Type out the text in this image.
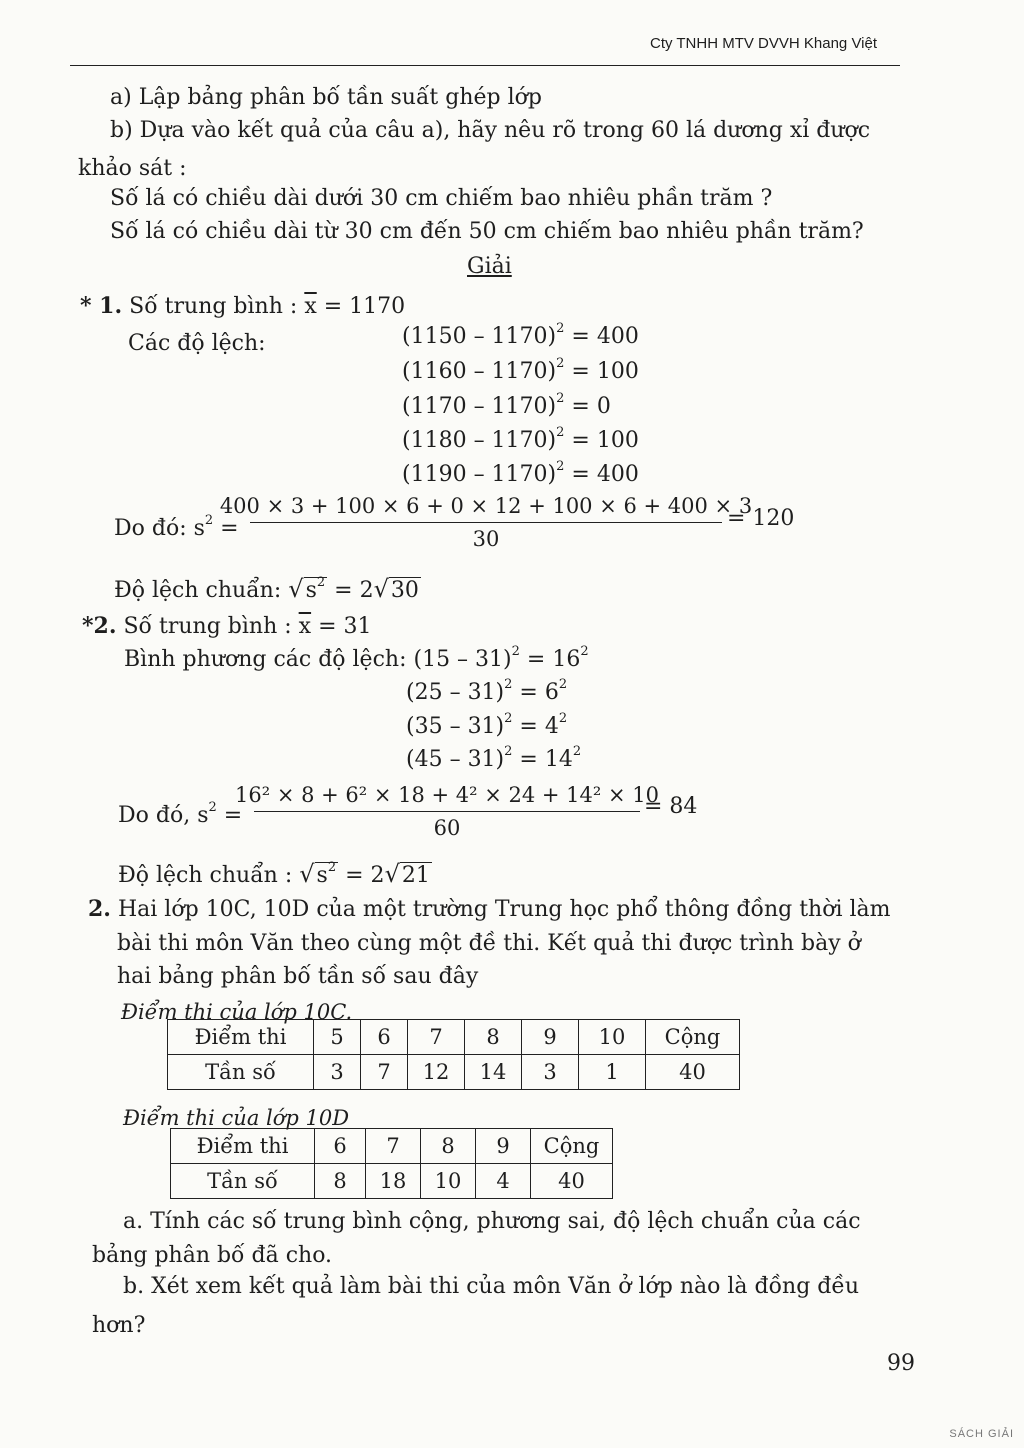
Cty TNHH MTV DVVH Khang Việt
a) Lập bảng phân bố tần suất ghép lớp
b) Dựa vào kết quả của câu a), hãy nêu rõ trong 60 lá dương xỉ được
khảo sát :
Số lá có chiều dài dưới 30 cm chiếm bao nhiêu phần trăm ?
Số lá có chiều dài từ 30 cm đến 50 cm chiếm bao nhiêu phần trăm?
Giải
* 1. Số trung bình : $\overline{x} = 1170$
Các độ lệch:	(1150 – 1170)$^2$ = 400
(1160 – 1170)$^2$ = 100
(1170 – 1170)$^2$ = 0
(1180 – 1170)$^2$ = 100
(1190 – 1170)$^2$ = 400
Do đó: $s^2$ =
400 × 3 + 100 × 6 + 0 × 12 + 100 × 6 + 400 × 3
30
= 120
Độ lệch chuẩn: $√s^2 = 2√30$
*2. Số trung bình : $\overline{x} = 31$
Bình phương các độ lệch: $(15 - 31)^2 = 16^2$
$(25 - 31)^2 = 6^2$
$(35 - 31)^2 = 4^2$
$(45 - 31)^2 = 14^2$
Do đó, $s^2$ =
16² × 8 + 6² × 18 + 4² × 24 + 14² × 10
60
= 84
Độ lệch chuẩn : $√s^2 = 2√21$
2. Hai lớp 10C, 10D của một trường Trung học phổ thông đồng thời làm
bài thi môn Văn theo cùng một đề thi. Kết quả thi được trình bày ở
hai bảng phân bố tần số sau đây
Điểm thi của lớp 10C.
Điểm thi	5	6	7	8	9	10	Cộng
Tần số	3	7	12	14	3	1	40
Điểm thi của lớp 10D
Điểm thi	6	7	8	9	Cộng
Tần số	8	18	10	4	40
a. Tính các số trung bình cộng, phương sai, độ lệch chuẩn của các
bảng phân bố đã cho.
b. Xét xem kết quả làm bài thi của môn Văn ở lớp nào là đồng đều
hơn?
99
SÁCH GIẢI
